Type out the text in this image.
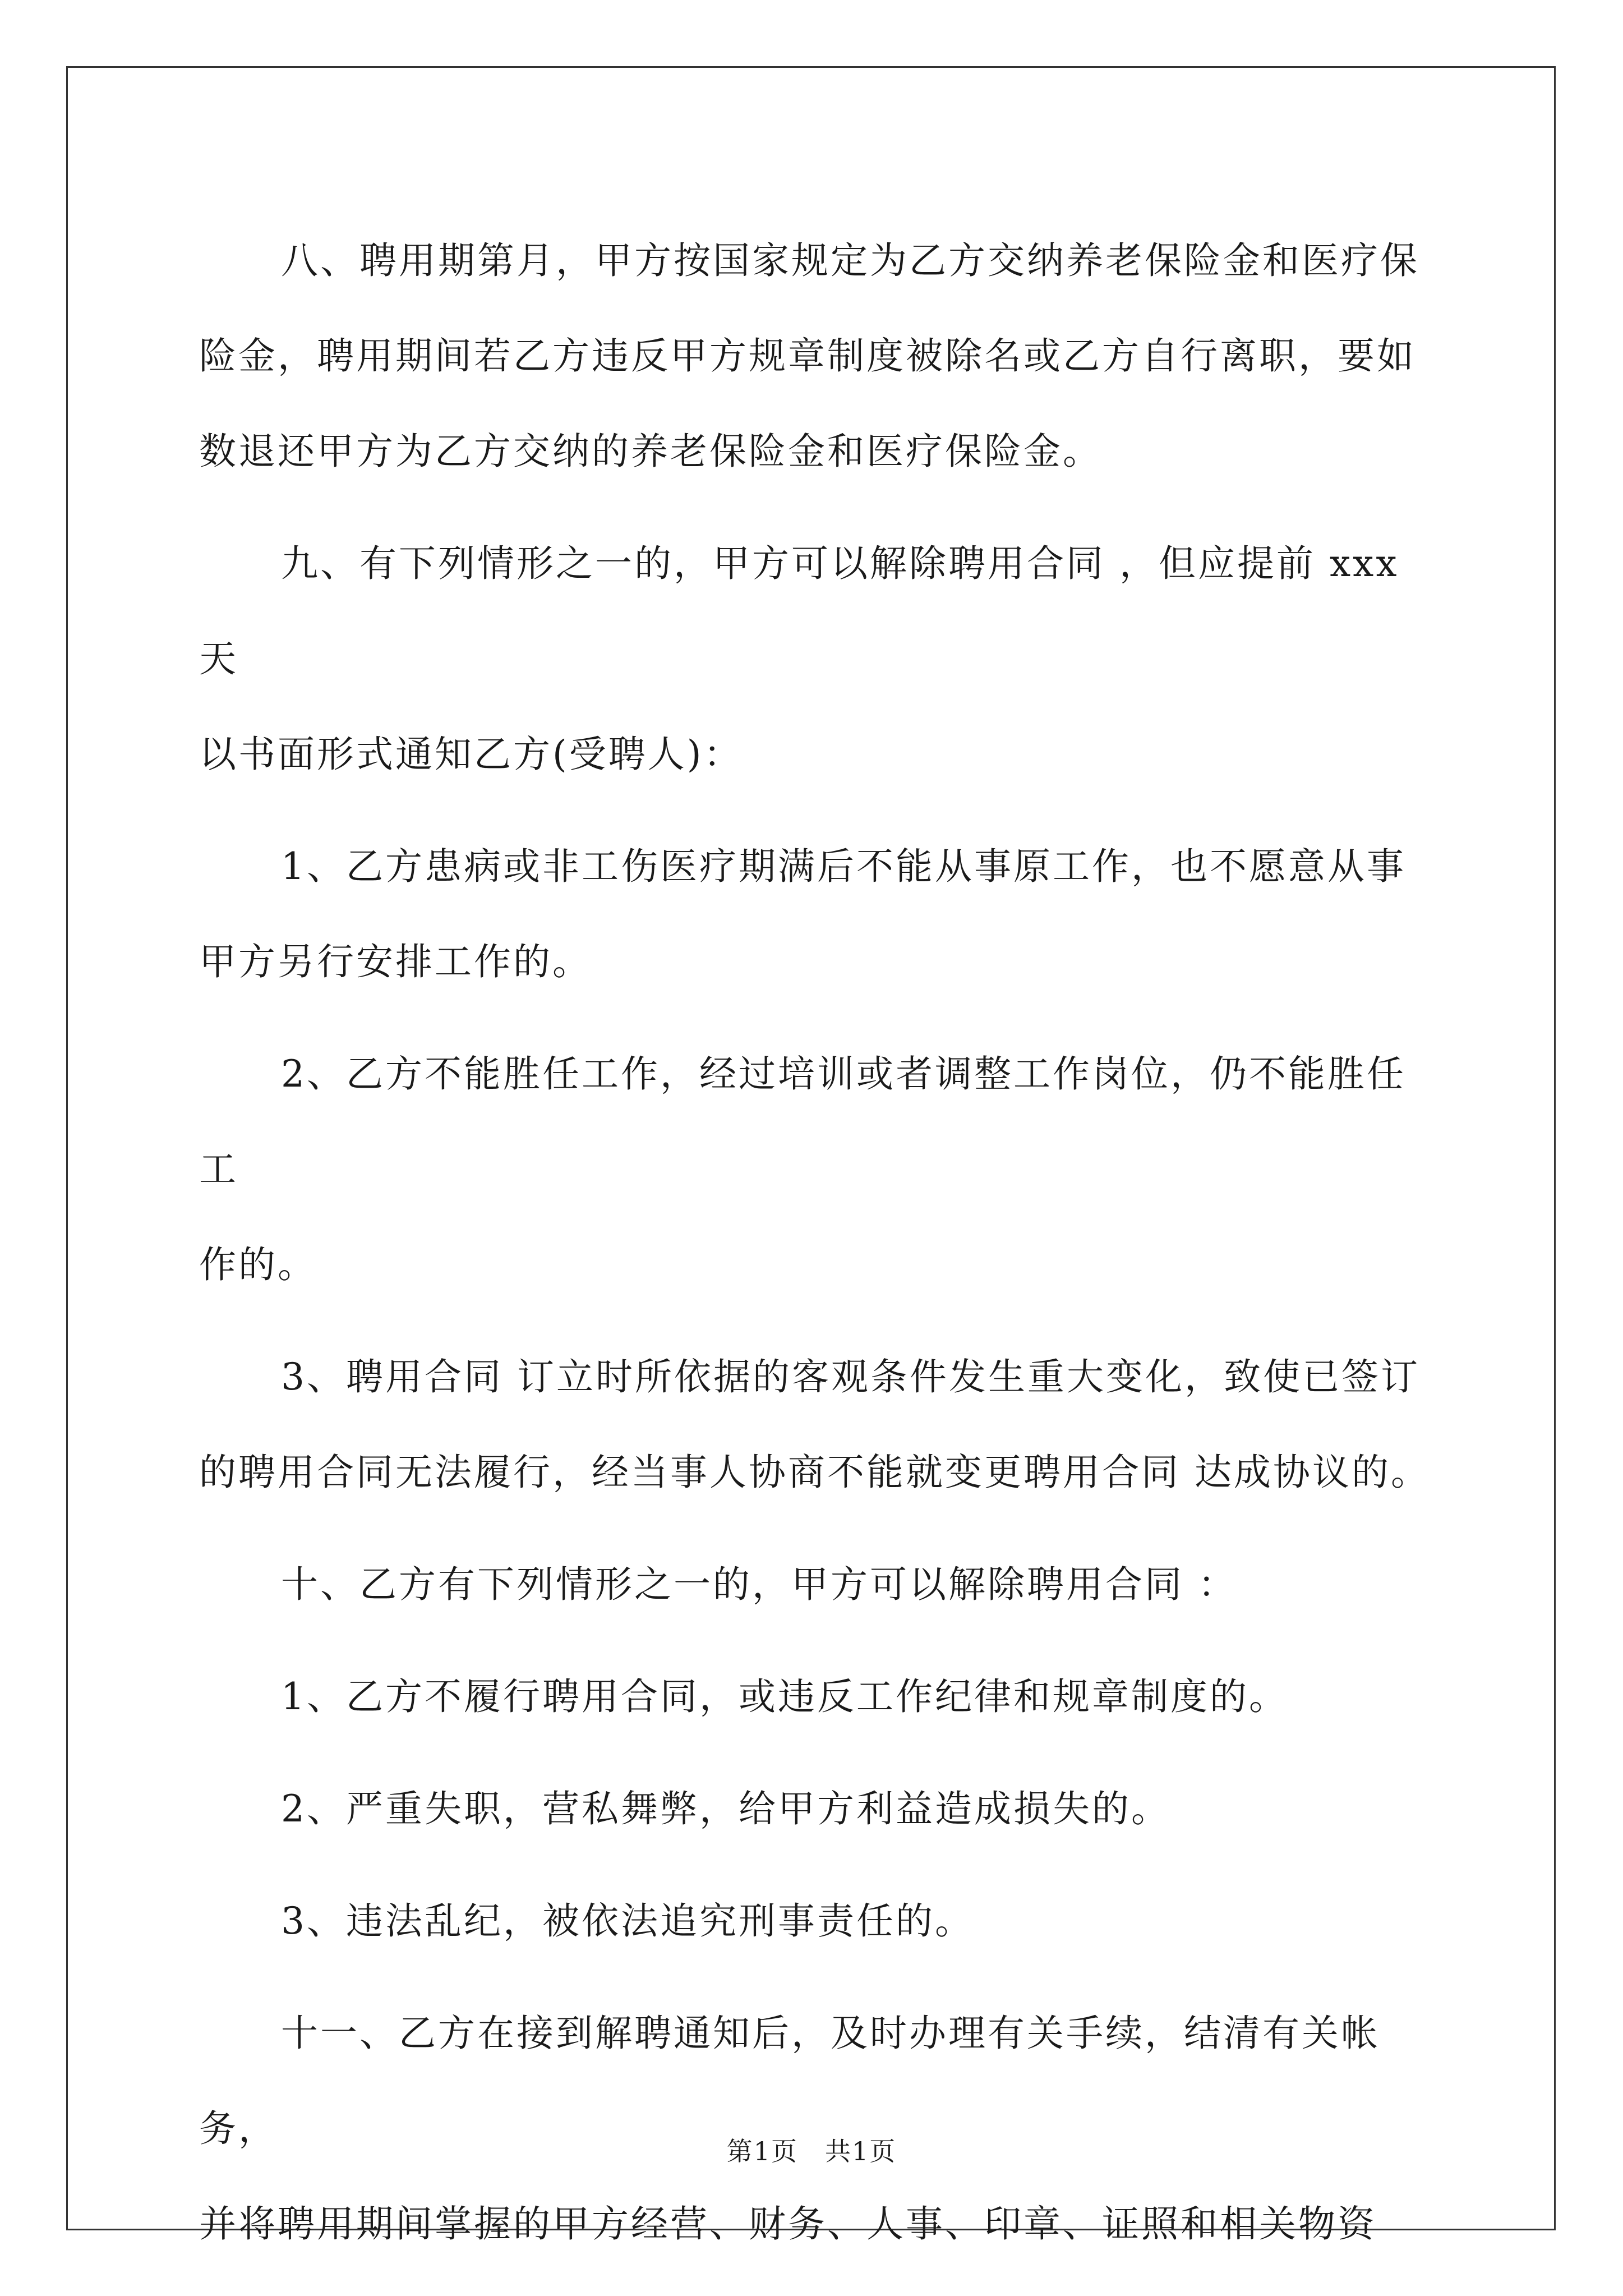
八、聘用期第月，甲方按国家规定为乙方交纳养老保险金和医疗保
险金，聘用期间若乙方违反甲方规章制度被除名或乙方自行离职，要如
数退还甲方为乙方交纳的养老保险金和医疗保险金。

九、有下列情形之一的，甲方可以解除聘用合同 ，但应提前 xxx 天
以书面形式通知乙方(受聘人)：

1、乙方患病或非工伤医疗期满后不能从事原工作，也不愿意从事
甲方另行安排工作的。

2、乙方不能胜任工作，经过培训或者调整工作岗位，仍不能胜任工
作的。

3、聘用合同 订立时所依据的客观条件发生重大变化，致使已签订
的聘用合同无法履行，经当事人协商不能就变更聘用合同 达成协议的。

十、乙方有下列情形之一的，甲方可以解除聘用合同 ：

1、乙方不履行聘用合同，或违反工作纪律和规章制度的。

2、严重失职，营私舞弊，给甲方利益造成损失的。

3、违法乱纪，被依法追究刑事责任的。

十一、乙方在接到解聘通知后，及时办理有关手续，结清有关帐务，
并将聘用期间掌握的甲方经营、财务、人事、印章、证照和相关物资

第1页　共1页
